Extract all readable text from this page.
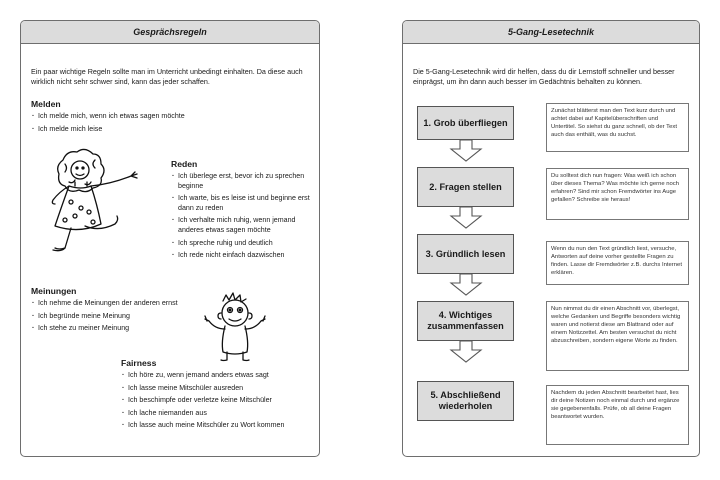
Gesprächsregeln
Ein paar wichtige Regeln sollte man im Unterricht unbedingt einhalten. Da diese auch wirklich nicht sehr schwer sind, kann das jeder schaffen.
Melden
· Ich melde mich, wenn ich etwas sagen möchte
· Ich melde mich leise
Reden
· Ich überlege erst, bevor ich zu sprechen beginne
· Ich warte, bis es leise ist und beginne erst dann zu reden
· Ich verhalte mich ruhig, wenn jemand anderes etwas sagen möchte
· Ich spreche ruhig und deutlich
· Ich rede nicht einfach dazwischen
Meinungen
· Ich nehme die Meinungen der anderen ernst
· Ich begründe meine Meinung
· Ich stehe zu meiner Meinung
Fairness
· Ich höre zu, wenn jemand anders etwas sagt
· Ich lasse meine Mitschüler ausreden
· Ich beschimpfe oder verletze keine Mitschüler
· Ich lache niemanden aus
· Ich lasse auch meine Mitschüler zu Wort kommen
5-Gang-Lesetechnik
Die 5-Gang-Lesetechnik wird dir helfen, dass du dir Lernstoff schneller und besser einprägst, um ihn dann auch besser im Gedächtnis behalten zu können.
1. Grob überfliegen
Zunächst blätterst man den Text kurz durch und achtet dabei auf Kapitelüberschriften und Untertitel. So siehst du ganz schnell, ob der Text auch das enthält, was du suchst.
2. Fragen stellen
Du solltest dich nun fragen: Was weiß ich schon über dieses Thema? Was möchte ich gerne noch erfahren? Sind mir schon Fremdwörter ins Auge gefallen? Schreibe sie heraus!
3. Gründlich lesen	Wenn du nun den Text gründlich liest, versuche, Antworten auf deine vorher gestellte Fragen zu finden. Lasse dir Fremdwörter z.B. durchs Internet erklären.
4. Wichtiges zusammenfassen
Nun nimmst du dir einen Abschnitt vor, überlegst, welche Gedanken und Begriffe besonders wichtig waren und notierst diese am Blattrand oder auf einem Notizzettel. Am besten versuchst du nicht abzuschreiben, sondern eigene Worte zu finden.
5. Abschließend wiederholen
Nachdem du jeden Abschnitt bearbeitet hast, lies dir deine Notizen noch einmal durch und ergänze sie gegebenenfalls. Prüfe, ob all deine Fragen beantwortet wurden.
